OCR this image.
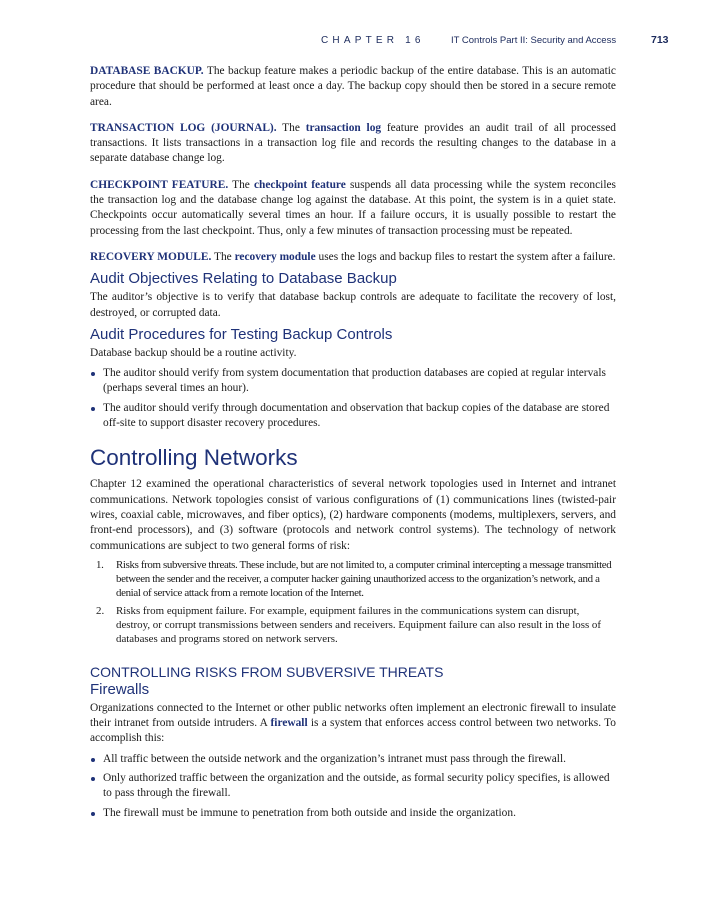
CHAPTER 16	IT Controls Part II: Security and Access	713

DATABASE BACKUP. The backup feature makes a periodic backup of the entire database. This is an automatic procedure that should be performed at least once a day. The backup copy should then be stored in a secure remote area.

TRANSACTION LOG (JOURNAL). The transaction log feature provides an audit trail of all processed transactions. It lists transactions in a transaction log file and records the resulting changes to the database in a separate database change log.

CHECKPOINT FEATURE. The checkpoint feature suspends all data processing while the system reconciles the transaction log and the database change log against the database. At this point, the system is in a quiet state. Checkpoints occur automatically several times an hour. If a failure occurs, it is usually possible to restart the processing from the last checkpoint. Thus, only a few minutes of transaction processing must be repeated.

RECOVERY MODULE. The recovery module uses the logs and backup files to restart the system after a failure.

Audit Objectives Relating to Database Backup

The auditor’s objective is to verify that database backup controls are adequate to facilitate the recovery of lost, destroyed, or corrupted data.

Audit Procedures for Testing Backup Controls

Database backup should be a routine activity.

The auditor should verify from system documentation that production databases are copied at regular intervals (perhaps several times an hour).
The auditor should verify through documentation and observation that backup copies of the database are stored off-site to support disaster recovery procedures.
Controlling Networks

Chapter 12 examined the operational characteristics of several network topologies used in Internet and intranet communications. Network topologies consist of various configurations of (1) communications lines (twisted-pair wires, coaxial cable, microwaves, and fiber optics), (2) hardware components (modems, multiplexers, servers, and front-end processors), and (3) software (protocols and network control systems). The technology of network communications are subject to two general forms of risk:

1. Risks from subversive threats. These include, but are not limited to, a computer criminal intercepting a message transmitted between the sender and the receiver, a computer hacker gaining unauthorized access to the organization’s network, and a denial of service attack from a remote location of the Internet.
2. Risks from equipment failure. For example, equipment failures in the communications system can disrupt, destroy, or corrupt transmissions between senders and receivers. Equipment failure can also result in the loss of databases and programs stored on network servers.
CONTROLLING RISKS FROM SUBVERSIVE THREATS
Firewalls

Organizations connected to the Internet or other public networks often implement an electronic firewall to insulate their intranet from outside intruders. A firewall is a system that enforces access control between two networks. To accomplish this:

All traffic between the outside network and the organization’s intranet must pass through the firewall.
Only authorized traffic between the organization and the outside, as formal security policy specifies, is allowed to pass through the firewall.
The firewall must be immune to penetration from both outside and inside the organization.
